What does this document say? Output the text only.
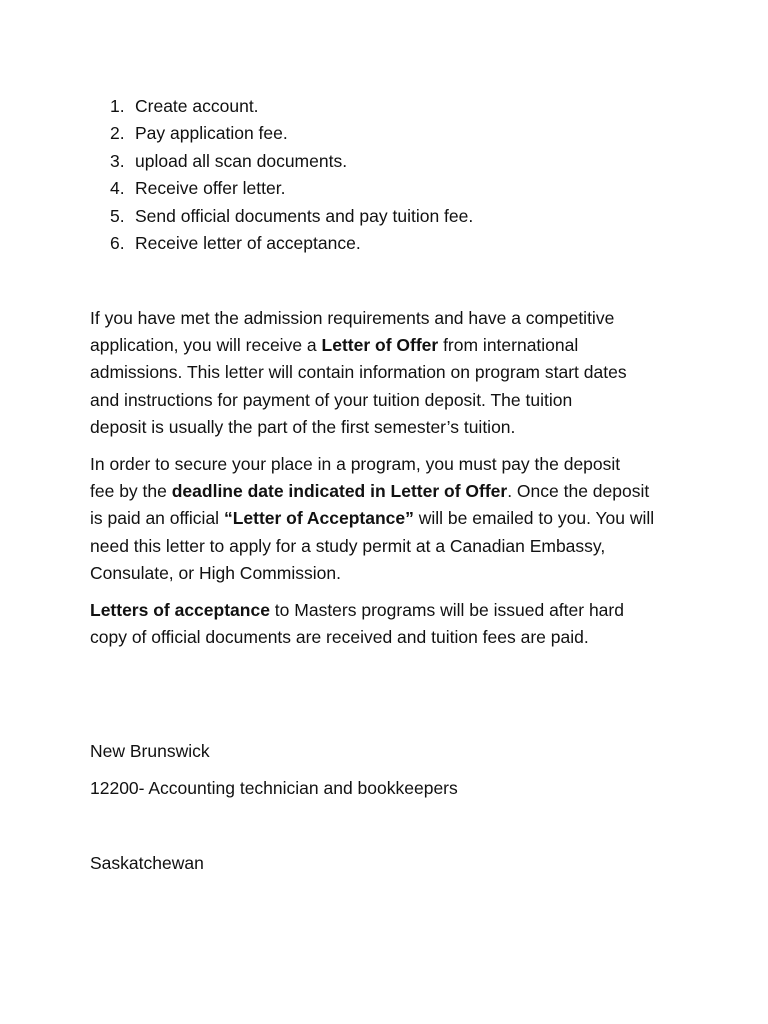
1. Create account.
2. Pay application fee.
3. upload all scan documents.
4. Receive offer letter.
5. Send official documents and pay tuition fee.
6. Receive letter of acceptance.

If you have met the admission requirements and have a competitive
application, you will receive a Letter of Offer from international
admissions. This letter will contain information on program start dates
and instructions for payment of your tuition deposit. The tuition
deposit is usually the part of the first semester’s tuition.

In order to secure your place in a program, you must pay the deposit
fee by the deadline date indicated in Letter of Offer. Once the deposit
is paid an official “Letter of Acceptance” will be emailed to you. You will
need this letter to apply for a study permit at a Canadian Embassy,
Consulate, or High Commission.

Letters of acceptance to Masters programs will be issued after hard
copy of official documents are received and tuition fees are paid.

New Brunswick

12200- Accounting technician and bookkeepers

Saskatchewan
